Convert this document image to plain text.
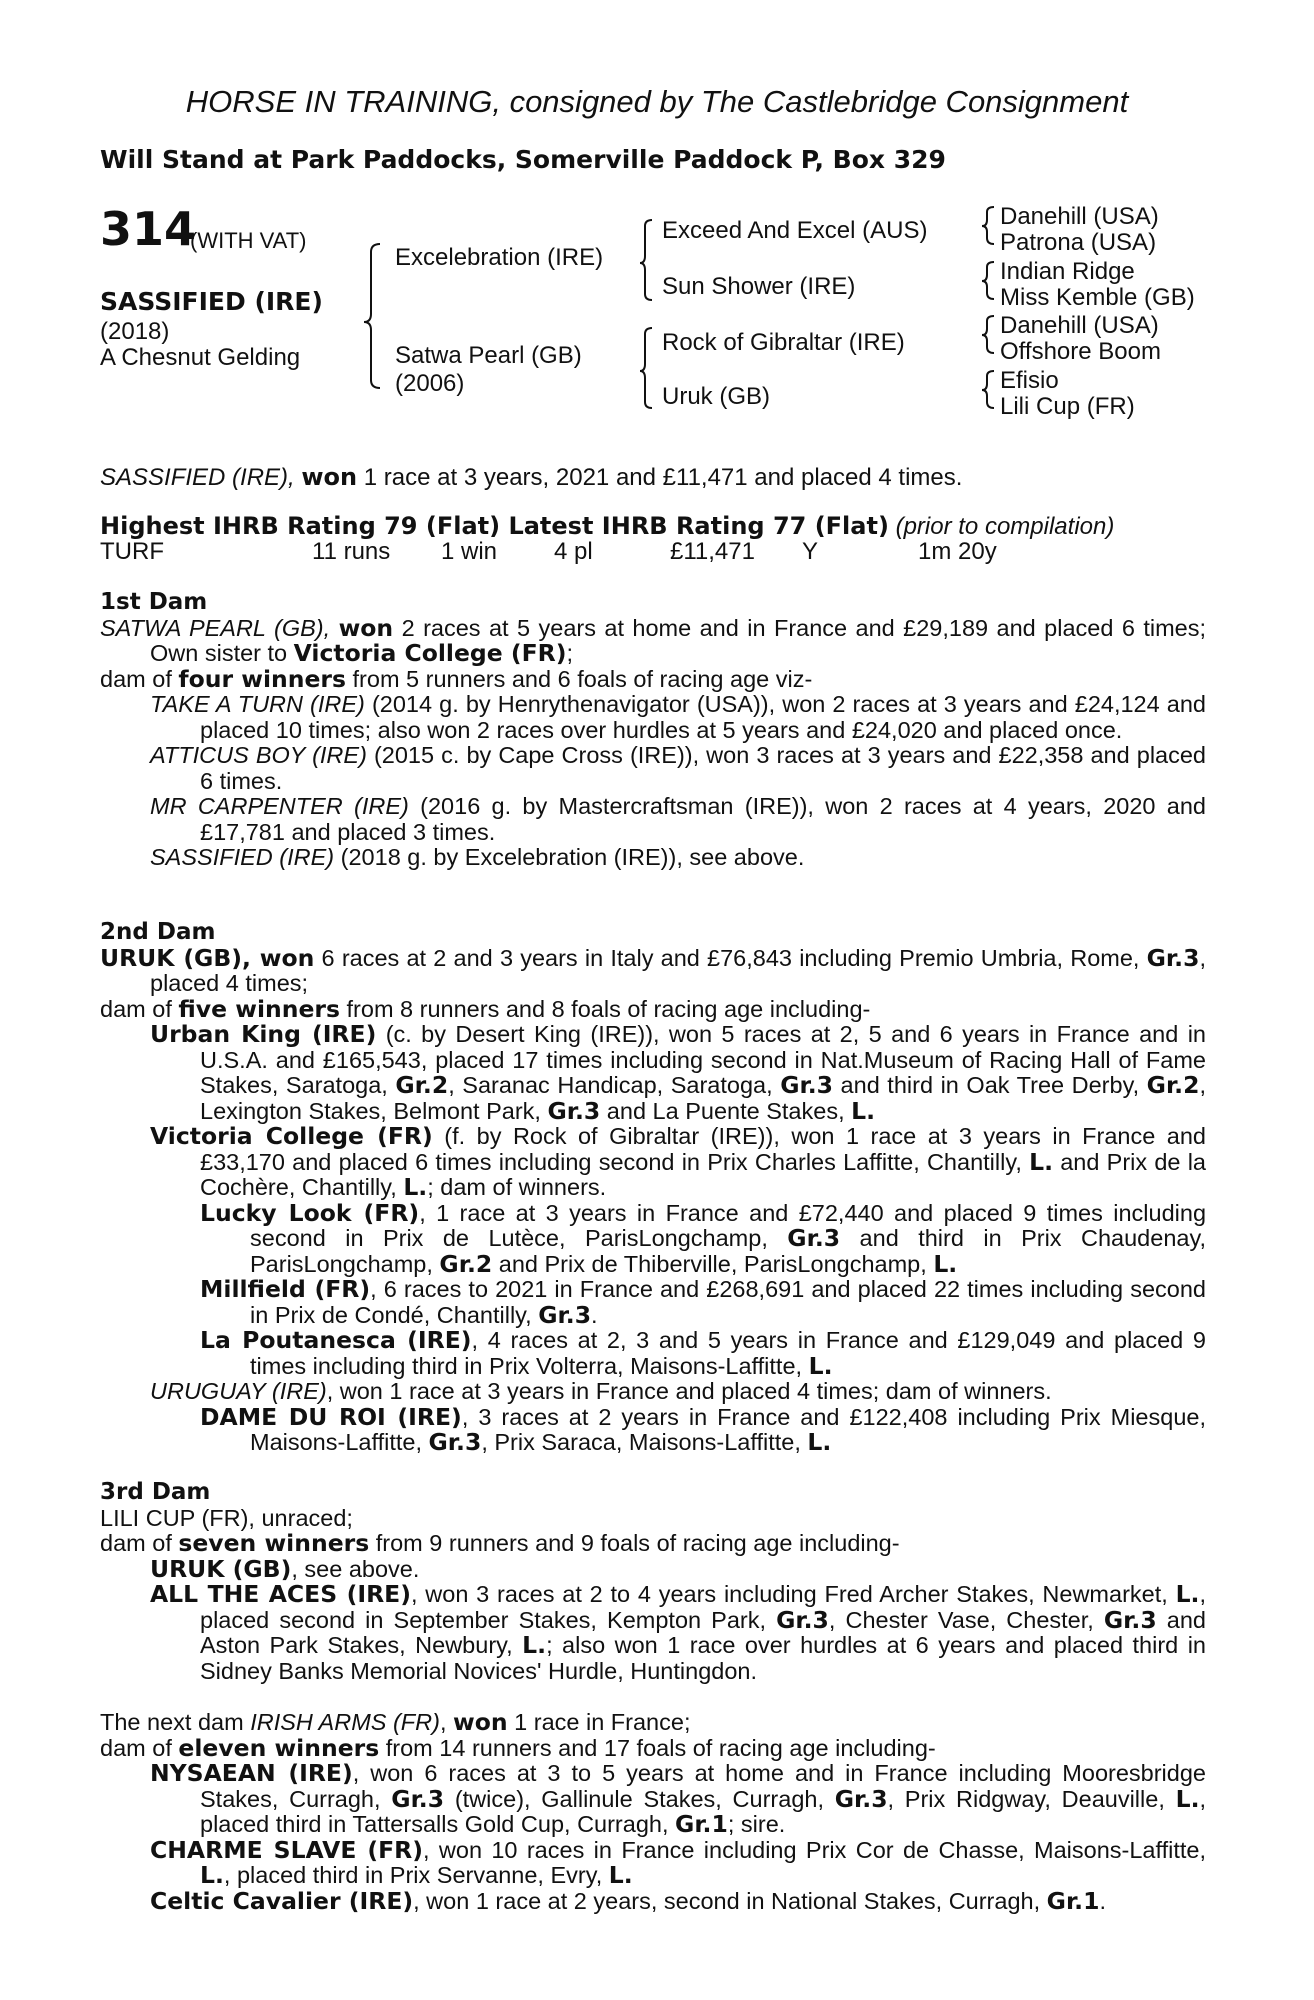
HORSE IN TRAINING, consigned by The Castlebridge Consignment
Will Stand at Park Paddocks, Somerville Paddock P, Box 329
314
(WITH VAT)
SASSIFIED (IRE)
(2018)
A Chesnut Gelding
Excelebration (IRE)
Satwa Pearl (GB)
(2006)
Exceed And Excel (AUS)
Sun Shower (IRE)
Rock of Gibraltar (IRE)
Uruk (GB)
Danehill (USA)
Patrona (USA)
Indian Ridge
Miss Kemble (GB)
Danehill (USA)
Offshore Boom
Efisio
Lili Cup (FR)
SASSIFIED (IRE), won 1 race at 3 years, 2021 and £11,471 and placed 4 times.
Highest IHRB Rating 79 (Flat) Latest IHRB Rating 77 (Flat) (prior to compilation)
TURF	11 runs 1 win 4 pl	£11,471 Y	1m 20y

1st Dam

SATWA PEARL (GB), won 2 races at 5 years at home and in France and £29,189 and placed 6 times; Own sister to Victoria College (FR);

dam of four winners from 5 runners and 6 foals of racing age viz-

TAKE A TURN (IRE) (2014 g. by Henrythenavigator (USA)), won 2 races at 3 years and £24,124 and placed 10 times; also won 2 races over hurdles at 5 years and £24,020 and placed once.

ATTICUS BOY (IRE) (2015 c. by Cape Cross (IRE)), won 3 races at 3 years and £22,358 and placed 6 times.

MR CARPENTER (IRE) (2016 g. by Mastercraftsman (IRE)), won 2 races at 4 years, 2020 and £17,781 and placed 3 times.

SASSIFIED (IRE) (2018 g. by Excelebration (IRE)), see above.

2nd Dam

URUK (GB), won 6 races at 2 and 3 years in Italy and £76,843 including Premio Umbria, Rome, Gr.3, placed 4 times;

dam of five winners from 8 runners and 8 foals of racing age including-

Urban King (IRE) (c. by Desert King (IRE)), won 5 races at 2, 5 and 6 years in France and in U.S.A. and £165,543, placed 17 times including second in Nat.Museum of Racing Hall of Fame Stakes, Saratoga, Gr.2, Saranac Handicap, Saratoga, Gr.3 and third in Oak Tree Derby, Gr.2, Lexington Stakes, Belmont Park, Gr.3 and La Puente Stakes, L.

Victoria College (FR) (f. by Rock of Gibraltar (IRE)), won 1 race at 3 years in France and £33,170 and placed 6 times including second in Prix Charles Laffitte, Chantilly, L. and Prix de la Cochère, Chantilly, L.; dam of winners.

Lucky Look (FR), 1 race at 3 years in France and £72,440 and placed 9 times including second in Prix de Lutèce, ParisLongchamp, Gr.3 and third in Prix Chaudenay, ParisLongchamp, Gr.2 and Prix de Thiberville, ParisLongchamp, L.

Millfield (FR), 6 races to 2021 in France and £268,691 and placed 22 times including second in Prix de Condé, Chantilly, Gr.3.

La Poutanesca (IRE), 4 races at 2, 3 and 5 years in France and £129,049 and placed 9 times including third in Prix Volterra, Maisons-Laffitte, L.

URUGUAY (IRE), won 1 race at 3 years in France and placed 4 times; dam of winners.

DAME DU ROI (IRE), 3 races at 2 years in France and £122,408 including Prix Miesque, Maisons-Laffitte, Gr.3, Prix Saraca, Maisons-Laffitte, L.

3rd Dam

LILI CUP (FR), unraced;

dam of seven winners from 9 runners and 9 foals of racing age including-

URUK (GB), see above.

ALL THE ACES (IRE), won 3 races at 2 to 4 years including Fred Archer Stakes, Newmarket, L., placed second in September Stakes, Kempton Park, Gr.3, Chester Vase, Chester, Gr.3 and Aston Park Stakes, Newbury, L.; also won 1 race over hurdles at 6 years and placed third in Sidney Banks Memorial Novices' Hurdle, Huntingdon.

The next dam IRISH ARMS (FR), won 1 race in France;

dam of eleven winners from 14 runners and 17 foals of racing age including-

NYSAEAN (IRE), won 6 races at 3 to 5 years at home and in France including Mooresbridge Stakes, Curragh, Gr.3 (twice), Gallinule Stakes, Curragh, Gr.3, Prix Ridgway, Deauville, L., placed third in Tattersalls Gold Cup, Curragh, Gr.1; sire.

CHARME SLAVE (FR), won 10 races in France including Prix Cor de Chasse, Maisons-Laffitte, L., placed third in Prix Servanne, Evry, L.

Celtic Cavalier (IRE), won 1 race at 2 years, second in National Stakes, Curragh, Gr.1.
